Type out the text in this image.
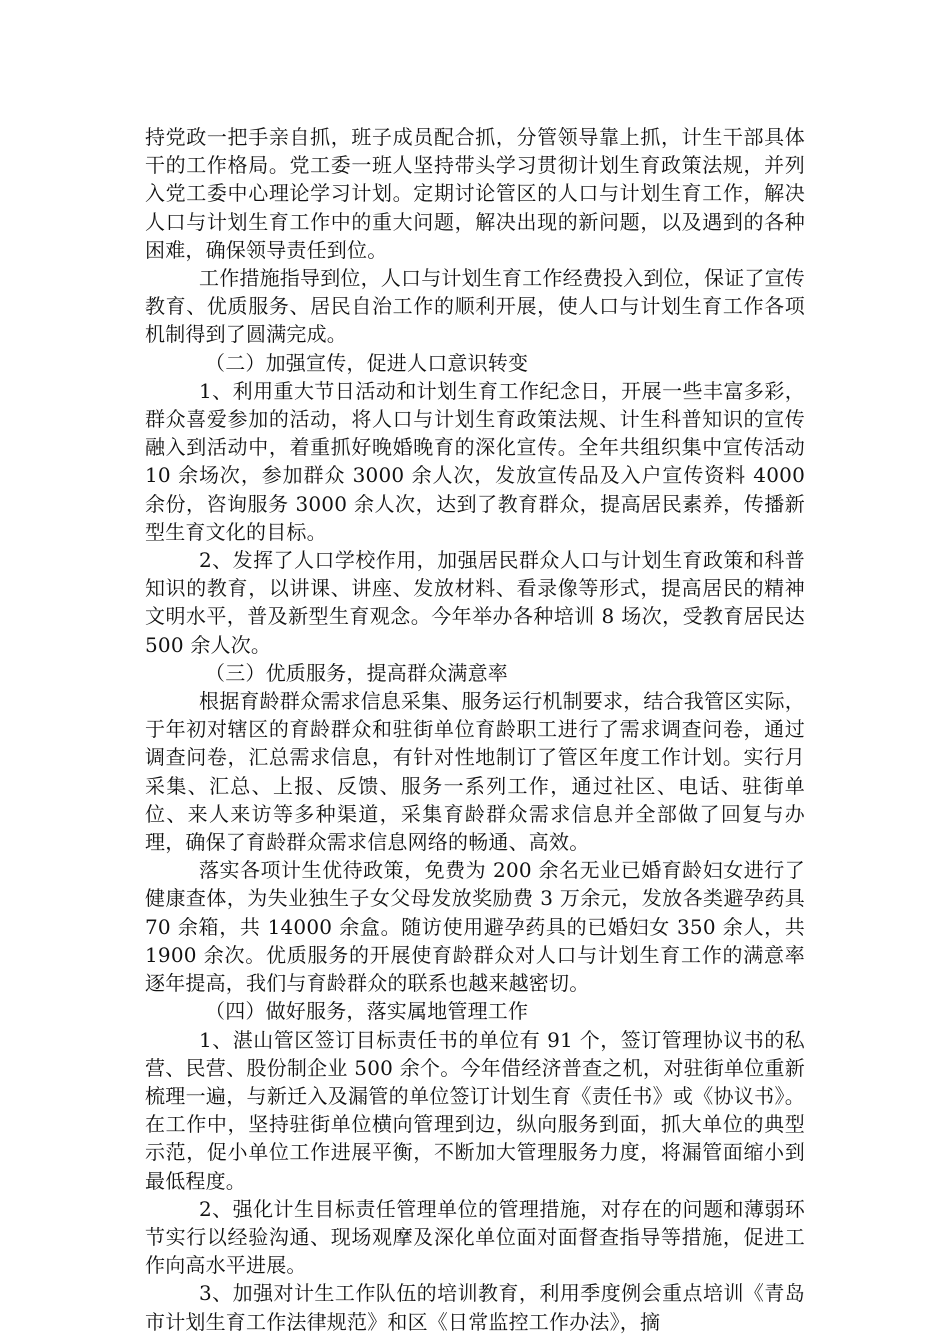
持党政一把手亲自抓，班子成员配合抓，分管领导靠上抓，计生干部具体干的工作格局。党工委一班人坚持带头学习贯彻计划生育政策法规，并列入党工委中心理论学习计划。定期讨论管区的人口与计划生育工作，解决人口与计划生育工作中的重大问题，解决出现的新问题，以及遇到的各种困难，确保领导责任到位。

工作措施指导到位，人口与计划生育工作经费投入到位，保证了宣传教育、优质服务、居民自治工作的顺利开展，使人口与计划生育工作各项机制得到了圆满完成。

（二）加强宣传，促进人口意识转变

1、利用重大节日活动和计划生育工作纪念日，开展一些丰富多彩，群众喜爱参加的活动，将人口与计划生育政策法规、计生科普知识的宣传融入到活动中，着重抓好晚婚晚育的深化宣传。全年共组织集中宣传活动 10 余场次，参加群众 3000 余人次，发放宣传品及入户宣传资料 4000 余份，咨询服务 3000 余人次，达到了教育群众，提高居民素养，传播新型生育文化的目标。

2、发挥了人口学校作用，加强居民群众人口与计划生育政策和科普知识的教育，以讲课、讲座、发放材料、看录像等形式，提高居民的精神文明水平，普及新型生育观念。今年举办各种培训 8 场次，受教育居民达 500 余人次。

（三）优质服务，提高群众满意率

根据育龄群众需求信息采集、服务运行机制要求，结合我管区实际，于年初对辖区的育龄群众和驻街单位育龄职工进行了需求调查问卷，通过调查问卷，汇总需求信息，有针对性地制订了管区年度工作计划。实行月采集、汇总、上报、反馈、服务一系列工作，通过社区、电话、驻街单位、来人来访等多种渠道，采集育龄群众需求信息并全部做了回复与办理，确保了育龄群众需求信息网络的畅通、高效。

落实各项计生优待政策，免费为 200 余名无业已婚育龄妇女进行了健康查体，为失业独生子女父母发放奖励费 3 万余元，发放各类避孕药具 70 余箱，共 14000 余盒。随访使用避孕药具的已婚妇女 350 余人，共 1900 余次。优质服务的开展使育龄群众对人口与计划生育工作的满意率逐年提高，我们与育龄群众的联系也越来越密切。

（四）做好服务，落实属地管理工作

1、湛山管区签订目标责任书的单位有 91 个，签订管理协议书的私营、民营、股份制企业 500 余个。今年借经济普查之机，对驻街单位重新梳理一遍，与新迁入及漏管的单位签订计划生育《责任书》或《协议书》。在工作中，坚持驻街单位横向管理到边，纵向服务到面，抓大单位的典型示范，促小单位工作进展平衡，不断加大管理服务力度，将漏管面缩小到最低程度。

2、强化计生目标责任管理单位的管理措施，对存在的问题和薄弱环节实行以经验沟通、现场观摩及深化单位面对面督查指导等措施，促进工作向高水平进展。

3、加强对计生工作队伍的培训教育，利用季度例会重点培训《青岛市计划生育工作法律规范》和区《日常监控工作办法》，摘
